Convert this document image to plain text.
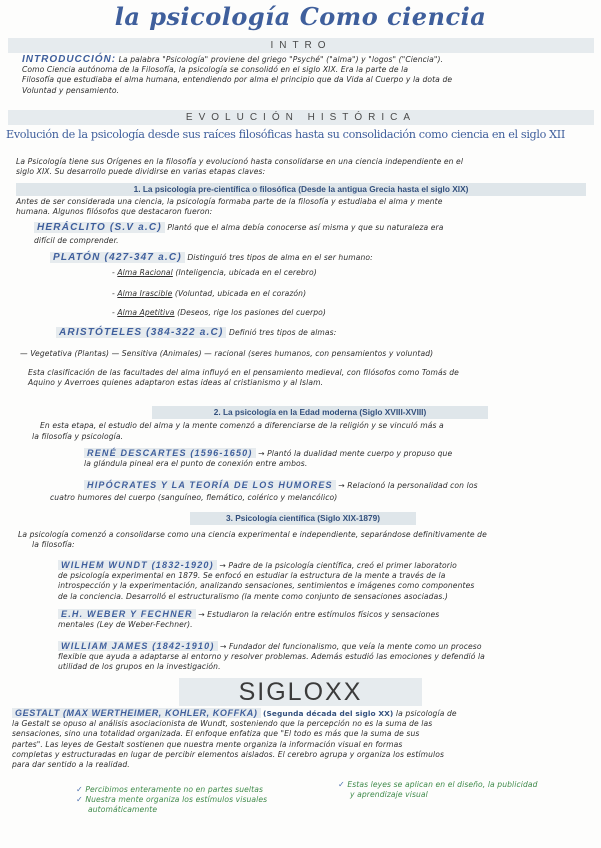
la psicología Como ciencia
INTRO
INTRODUCCIÓN: La palabra "Psicología" proviene del griego "Psyché" ("alma") y "logos" ("Ciencia").
Como Ciencia autónoma de la Filosofía, la psicología se consolidó en el siglo XIX. Era la parte de la
Filosofía que estudiaba el alma humana, entendiendo por alma el principio que da Vida al Cuerpo y la dota de
Voluntad y pensamiento.
EVOLUCIÓN HISTÓRICA
Evolución de la psicología desde sus raíces filosóficas hasta su consolidación como ciencia en el siglo XII
La Psicología tiene sus Orígenes en la filosofía y evolucionó hasta consolidarse en una ciencia independiente en el
siglo XIX. Su desarrollo puede dividirse en varias etapas claves:
1. La psicología pre-científica o filosófica (Desde la antigua Grecia hasta el siglo XIX)
Antes de ser considerada una ciencia, la psicología formaba parte de la filosofía y estudiaba el alma y mente
humana. Algunos filósofos que destacaron fueron:
HERÁCLITO (S.V a.C) Plantó que el alma debía conocerse así misma y que su naturaleza era
difícil de comprender.
PLATÓN (427-347 a.C) Distinguió tres tipos de alma en el ser humano:
- Alma Racional (Inteligencia, ubicada en el cerebro)
- Alma Irascible (Voluntad, ubicada en el corazón)
- Alma Apetitiva (Deseos, rige los pasiones del cuerpo)
ARISTÓTELES (384-322 a.C) Definió tres tipos de almas:
— Vegetativa (Plantas) — Sensitiva (Animales) — racional (seres humanos, con pensamientos y voluntad)
Esta clasificación de las facultades del alma influyó en el pensamiento medieval, con filósofos como Tomás de
Aquino y Averroes quienes adaptaron estas ideas al cristianismo y al Islam.
2. La psicología en la Edad moderna (Siglo XVIII-XVIII)
En esta etapa, el estudio del alma y la mente comenzó a diferenciarse de la religión y se vinculó más a
la filosofía y psicología.
RENÉ DESCARTES (1596-1650) → Plantó la dualidad mente cuerpo y propuso que
la glándula pineal era el punto de conexión entre ambos.
HIPÓCRATES Y LA TEORÍA DE LOS HUMORES → Relacionó la personalidad con los
cuatro humores del cuerpo (sanguíneo, flemático, colérico y melancólico)
3. Psicología científica (Siglo XIX-1879)
La psicología comenzó a consolidarse como una ciencia experimental e independiente, separándose definitivamente de
la filosofía:
WILHEM WUNDT (1832-1920) → Padre de la psicología científica, creó el primer laboratorio
de psicología experimental en 1879. Se enfocó en estudiar la estructura de la mente a través de la
introspección y la experimentación, analizando sensaciones, sentimientos e imágenes como componentes
de la conciencia. Desarrolló el estructuralismo (la mente como conjunto de sensaciones asociadas.)
E.H. WEBER Y FECHNER → Estudiaron la relación entre estímulos físicos y sensaciones
mentales (Ley de Weber-Fechner).
WILLIAM JAMES (1842-1910) → Fundador del funcionalismo, que veía la mente como un proceso
flexible que ayuda a adaptarse al entorno y resolver problemas. Además estudió las emociones y defendió la
utilidad de los grupos en la investigación.
SIGLOXX
GESTALT (MAX WERTHEIMER, KOHLER, KOFFKA) (Segunda década del siglo XX) la psicología de
la Gestalt se opuso al análisis asociacionista de Wundt, sosteniendo que la percepción no es la suma de las
sensaciones, sino una totalidad organizada. El enfoque enfatiza que "El todo es más que la suma de sus
partes". Las leyes de Gestalt sostienen que nuestra mente organiza la información visual en formas
completas y estructuradas en lugar de percibir elementos aislados. El cerebro agrupa y organiza los estímulos
para dar sentido a la realidad.
✓ Percibimos enteramente no en partes sueltas
✓ Nuestra mente organiza los estímulos visuales
automáticamente
✓ Estas leyes se aplican en el diseño, la publicidad
y aprendizaje visual
